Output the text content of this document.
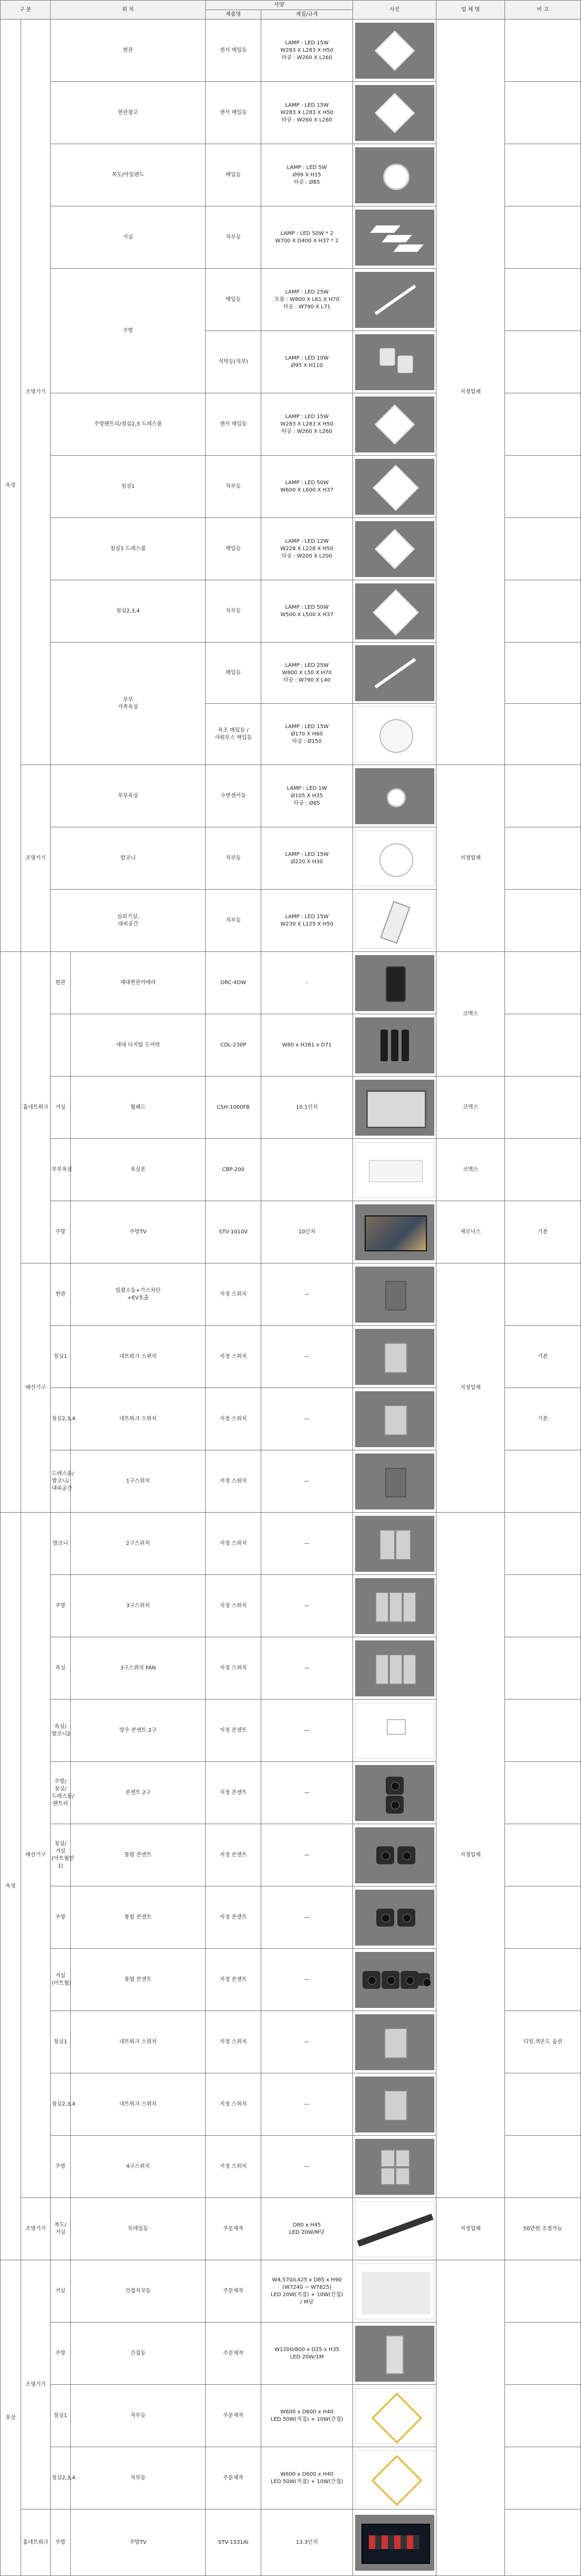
구 분		위 치		사양		사진	업 체 명	비 고
				제품명	재질/규격			
욕정	조명기기	현관		센서 매입등	LAMP : LED 15W
W283 X L283 X H50
타공 : W260 X L260		지정업체	
		현관창고		센서 매입등	LAMP : LED 15W
W283 X L283 X H50
타공 : W260 X L260		

		복도/아일랜드		매입등	LAMP : LED 5W
Ø99 X H15
타공 : Ø85		

		거실		직부등	LAMP : LED 50W * 2
W700 X D400 X H37 * 2		

		주방		매입등	LAMP : LED 25W
모듈 : W800 X L61 X H70
타공 : W790 X L71		

				식탁등(직부)	LAMP : LED 10W
Ø95 X H110		

		주방팬트리/침실2,3 드레스룸		센서 매입등	LAMP : LED 15W
W283 X L283 X H50
타공 : W260 X L260		

		침실1		직부등	LAMP : LED 50W
W600 X L600 X H37		

		침실1 드레스룸		매입등	LAMP : LED 12W
W228 X L228 X H50
타공 : W200 X L200		

		침실2,3,4		직부등	LAMP : LED 50W
W500 X L500 X H37		

		부부
가족욕실		매입등	LAMP : LED 25W
W800 X L50 X H70
타공 : W790 X L40		

				욕조 매입등 /
샤워부스 매입등	LAMP : LED 15W
Ø170 X H60
타공 : Ø150		

	조명기기	부부욕실		수변센서등	LAMP : LED 1W
Ø105 X H35
타공 : Ø85		지정업체	
		발코니		직부등	LAMP : LED 15W
Ø220 X H30		

		실외기실,
대피공간		직부등	LAMP : LED 15W
W230 X L125 X H50		

	홈네트워크	현관	세대현관카메라	DRC-4DW	-		코맥스	
			세대 디지털 도어락	CDL-230P	W80 x H381 x D71		

		거실	월패드	CSH-1000FB	10.1인치		코맥스	
		부부욕실	욕실폰	CBP-200			코맥스	
		주방	주방TV	STV-1010V	10인치		새로닉스	기본
	배선기구	현관	일괄소등+가스차단
+EV호출	지정 스위치	—		지정업체	
		침실1	네트워크 스위치	지정 스위치	—			기본
		침실2,3,4	네트워크 스위치	지정 스위치	—			기본
		드레스룸/
발코니/
대피공간	1구스위치	지정 스위치	—		

욕정	배선기구	발코니	2구스위치	지정 스위치	—		지정업체	
		주방	3구스위치	지정 스위치	—		

		욕실	3구스위치 FAN	지정 스위치	—		

		욕실/
발코니2	방우 콘센트 2구	지정 콘센트	—		

		주방/
침실/
드레스룸/
팬트리	콘센트 2구	지정 콘센트	—		

		침실/
거실
(아트월만
1)	통합 콘센트	지정 콘센트	—		

		주방	통합 콘센트	지정 콘센트	—		

		거실
(아트월)	통합 콘센트	지정 콘센트	—		

		침실1	네트워크 스위치	지정 스위치	—			디밍,색온도 옵션
		침실2,3,4	네트워크 스위치	지정 스위치	—		

		주방	4구스위치	지정 스위치	—		

	조명기기	복도/거실	독레일등	주문제작	D80 x H45
LED 20W/M당		지정업체	50만원 조절가능
유상	조명기기	거실	간접직부등	주문제작	W4,570/L425 x D85 x H90
(W7240 ~ W7825)
LED 20W(직접) + 10W(간접)
/ M당	

		주방	간접등	주문제작	W1200/800 x D25 x H35
LED 20W/1M		

		침실1	직부등	주문제작	W600 x D600 x H40
LED 50W(직접) + 10W(간접)		

		침실2,3,4	직부등	주문제작	W600 x D600 x H40
LED 50W(직접) + 10W(간접)		

	홈네트워크	주방	주방TV	STV-1331AI	13.3인치		
